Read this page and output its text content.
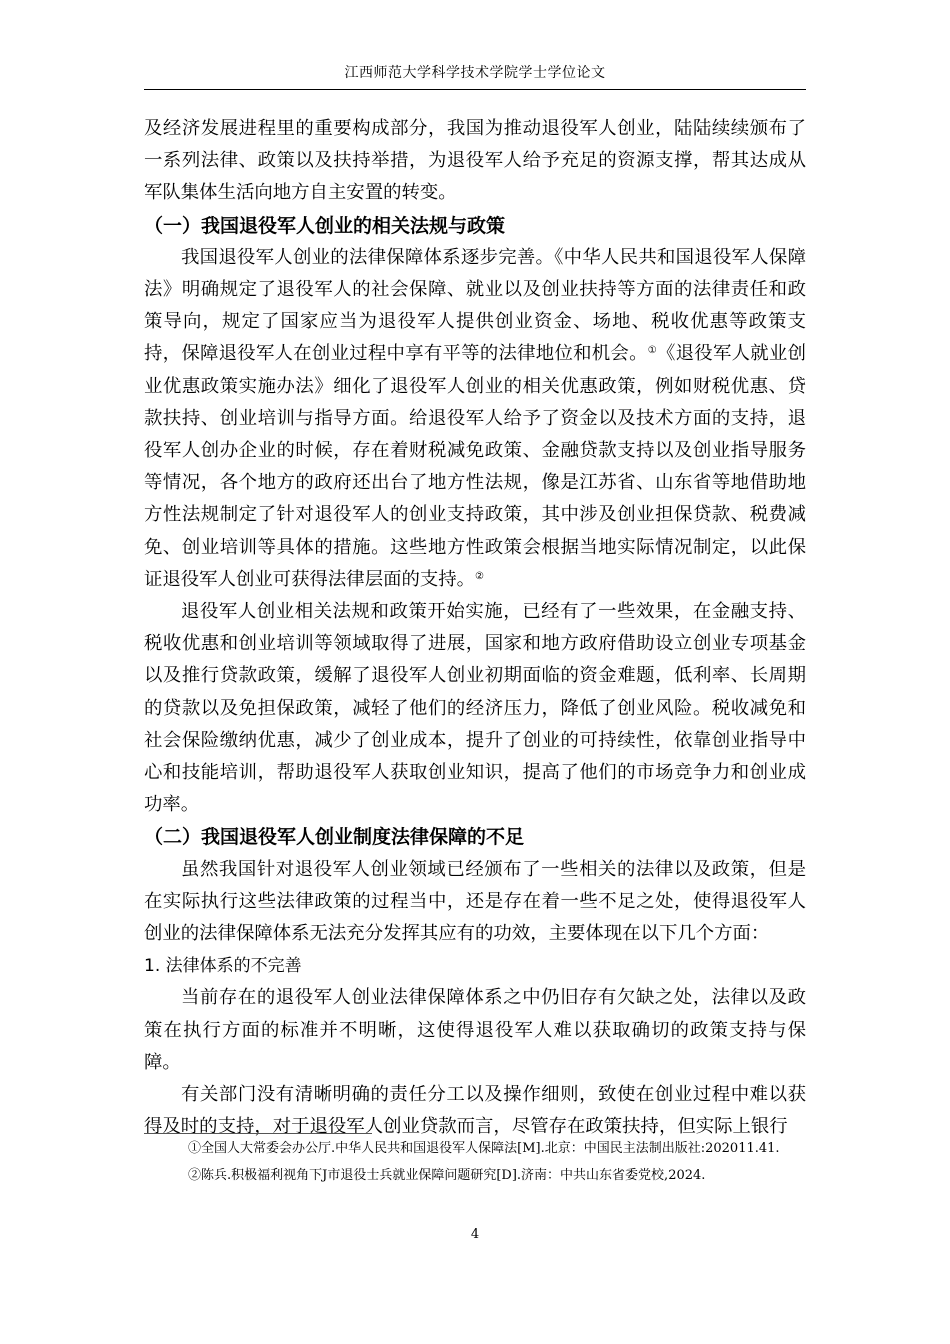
江西师范大学科学技术学院学士学位论文

及经济发展进程里的重要构成部分，我国为推动退役军人创业，陆陆续续颁布了一系列法律、政策以及扶持举措，为退役军人给予充足的资源支撑，帮其达成从军队集体生活向地方自主安置的转变。

（一）我国退役军人创业的相关法规与政策

我国退役军人创业的法律保障体系逐步完善。《中华人民共和国退役军人保障法》明确规定了退役军人的社会保障、就业以及创业扶持等方面的法律责任和政策导向，规定了国家应当为退役军人提供创业资金、场地、税收优惠等政策支持，保障退役军人在创业过程中享有平等的法律地位和机会。①《退役军人就业创业优惠政策实施办法》细化了退役军人创业的相关优惠政策，例如财税优惠、贷款扶持、创业培训与指导方面。给退役军人给予了资金以及技术方面的支持，退役军人创办企业的时候，存在着财税减免政策、金融贷款支持以及创业指导服务等情况，各个地方的政府还出台了地方性法规，像是江苏省、山东省等地借助地方性法规制定了针对退役军人的创业支持政策，其中涉及创业担保贷款、税费减免、创业培训等具体的措施。这些地方性政策会根据当地实际情况制定，以此保证退役军人创业可获得法律层面的支持。②

退役军人创业相关法规和政策开始实施，已经有了一些效果，在金融支持、税收优惠和创业培训等领域取得了进展，国家和地方政府借助设立创业专项基金以及推行贷款政策，缓解了退役军人创业初期面临的资金难题，低利率、长周期的贷款以及免担保政策，减轻了他们的经济压力，降低了创业风险。税收减免和社会保险缴纳优惠，减少了创业成本，提升了创业的可持续性，依靠创业指导中心和技能培训，帮助退役军人获取创业知识，提高了他们的市场竞争力和创业成功率。

（二）我国退役军人创业制度法律保障的不足

虽然我国针对退役军人创业领域已经颁布了一些相关的法律以及政策，但是在实际执行这些法律政策的过程当中，还是存在着一些不足之处，使得退役军人创业的法律保障体系无法充分发挥其应有的功效，主要体现在以下几个方面：

1. 法律体系的不完善

当前存在的退役军人创业法律保障体系之中仍旧存有欠缺之处，法律以及政策在执行方面的标准并不明晰，这使得退役军人难以获取确切的政策支持与保障。

有关部门没有清晰明确的责任分工以及操作细则，致使在创业过程中难以获得及时的支持，对于退役军人创业贷款而言，尽管存在政策扶持，但实际上银行

①全国人大常委会办公厅.中华人民共和国退役军人保障法[M].北京：中国民主法制出版社:202011.41.
②陈兵.积极福利视角下J市退役士兵就业保障问题研究[D].济南：中共山东省委党校,2024.
4
